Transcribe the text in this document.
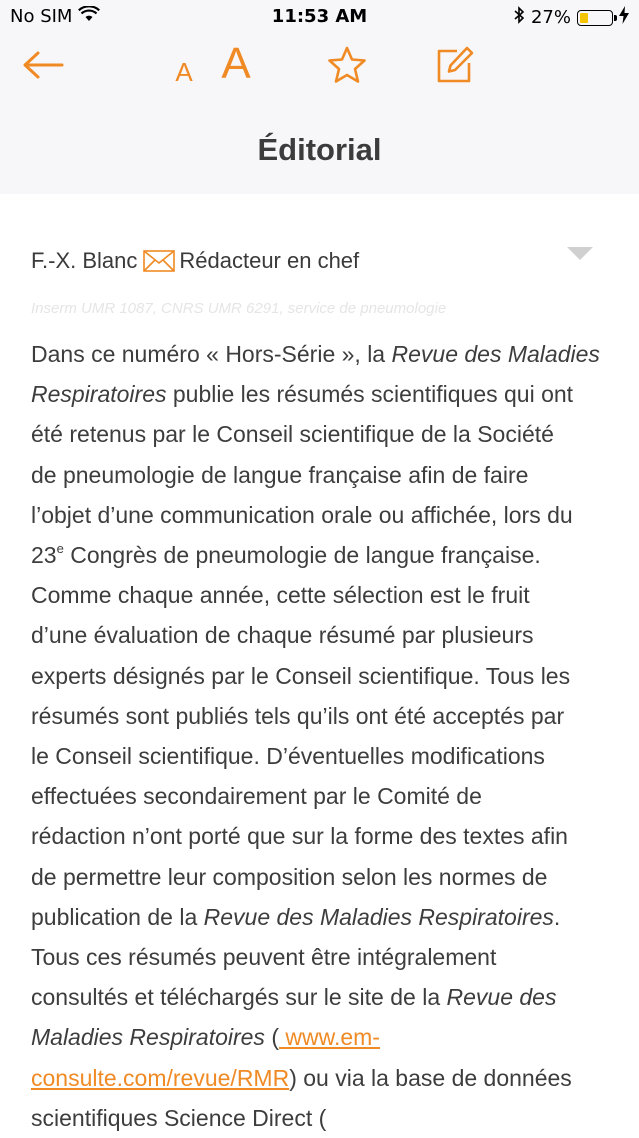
No SIM	11:53 AM	27%
A A
Éditorial
F.-X. Blanc Rédacteur en chef
Inserm UMR 1087, CNRS UMR 6291, service de pneumologie
Dans ce numéro « Hors-Série », la Revue des Maladies
Respiratoires publie les résumés scientifiques qui ont
été retenus par le Conseil scientifique de la Société
de pneumologie de langue française afin de faire
l’objet d’une communication orale ou affichée, lors du
23e Congrès de pneumologie de langue française.
Comme chaque année, cette sélection est le fruit
d’une évaluation de chaque résumé par plusieurs
experts désignés par le Conseil scientifique. Tous les
résumés sont publiés tels qu’ils ont été acceptés par
le Conseil scientifique. D’éventuelles modifications
effectuées secondairement par le Comité de
rédaction n’ont porté que sur la forme des textes afin
de permettre leur composition selon les normes de
publication de la Revue des Maladies Respiratoires.
Tous ces résumés peuvent être intégralement
consultés et téléchargés sur le site de la Revue des
Maladies Respiratoires ( www.em-
consulte.com/revue/RMR) ou via la base de données
scientifiques Science Direct (
